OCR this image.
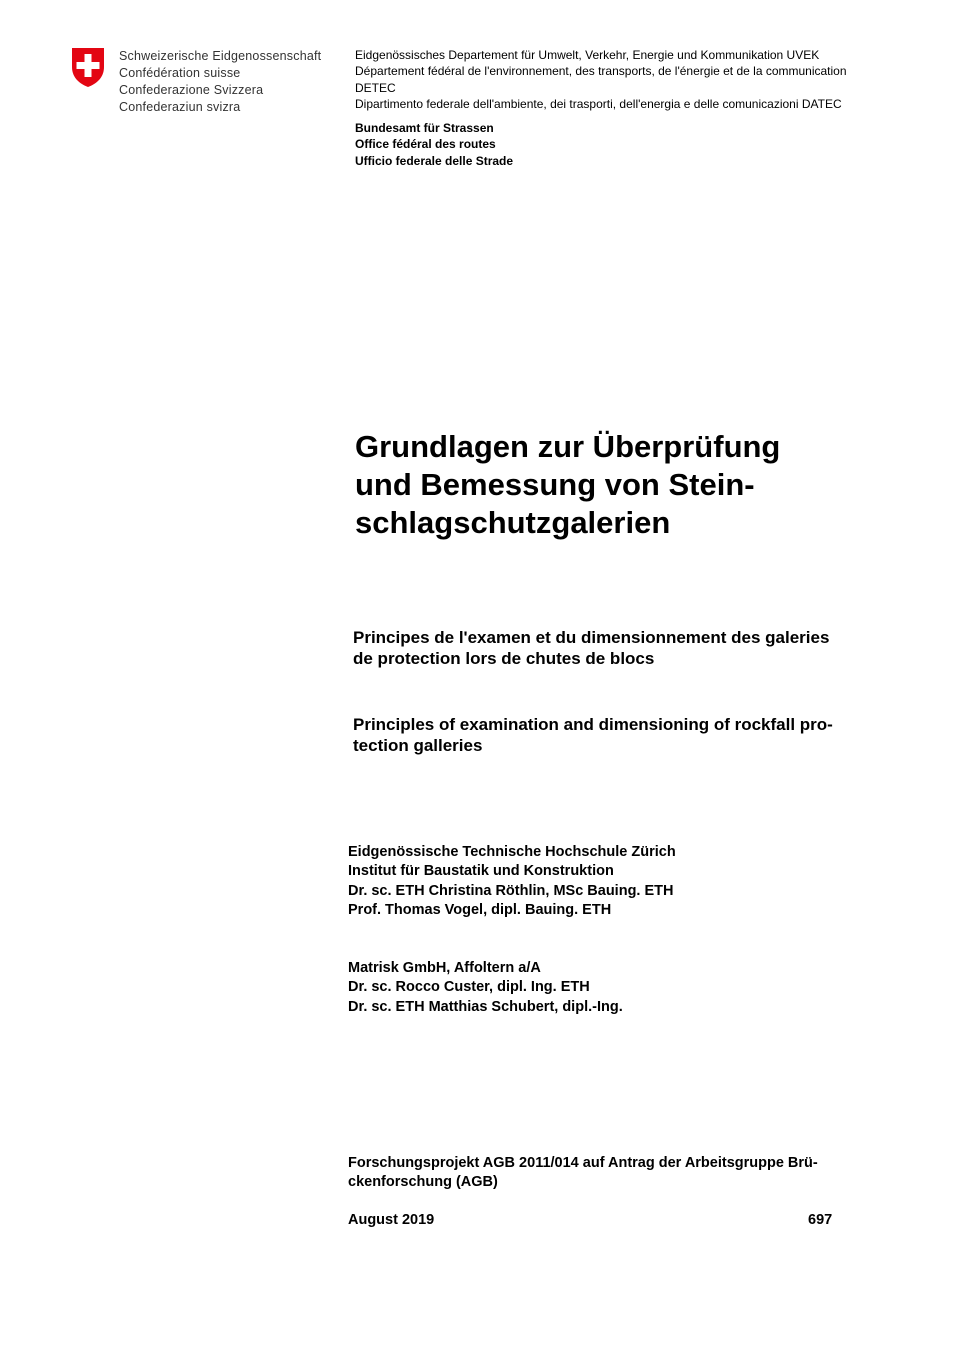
Schweizerische Eidgenossenschaft
Confédération suisse
Confederazione Svizzera
Confederaziun svizra
Eidgenössisches Departement für Umwelt, Verkehr, Energie und Kommunikation UVEK
Département fédéral de l'environnement, des transports, de l'énergie et de la communication
DETEC
Dipartimento federale dell'ambiente, dei trasporti, dell'energia e delle comunicazioni DATEC
Bundesamt für Strassen
Office fédéral des routes
Ufficio federale delle Strade
Grundlagen zur Überprüfung
und Bemessung von Stein-
schlagschutzgalerien
Principes de l'examen et du dimensionnement des galeries
de protection lors de chutes de blocs
Principles of examination and dimensioning of rockfall pro-
tection galleries
Eidgenössische Technische Hochschule Zürich
Institut für Baustatik und Konstruktion
Dr. sc. ETH Christina Röthlin, MSc Bauing. ETH
Prof. Thomas Vogel, dipl. Bauing. ETH
Matrisk GmbH, Affoltern a/A
Dr. sc. Rocco Custer, dipl. Ing. ETH
Dr. sc. ETH Matthias Schubert, dipl.-Ing.
Forschungsprojekt AGB 2011/014 auf Antrag der Arbeitsgruppe Brü-
ckenforschung (AGB)
August 2019	697
